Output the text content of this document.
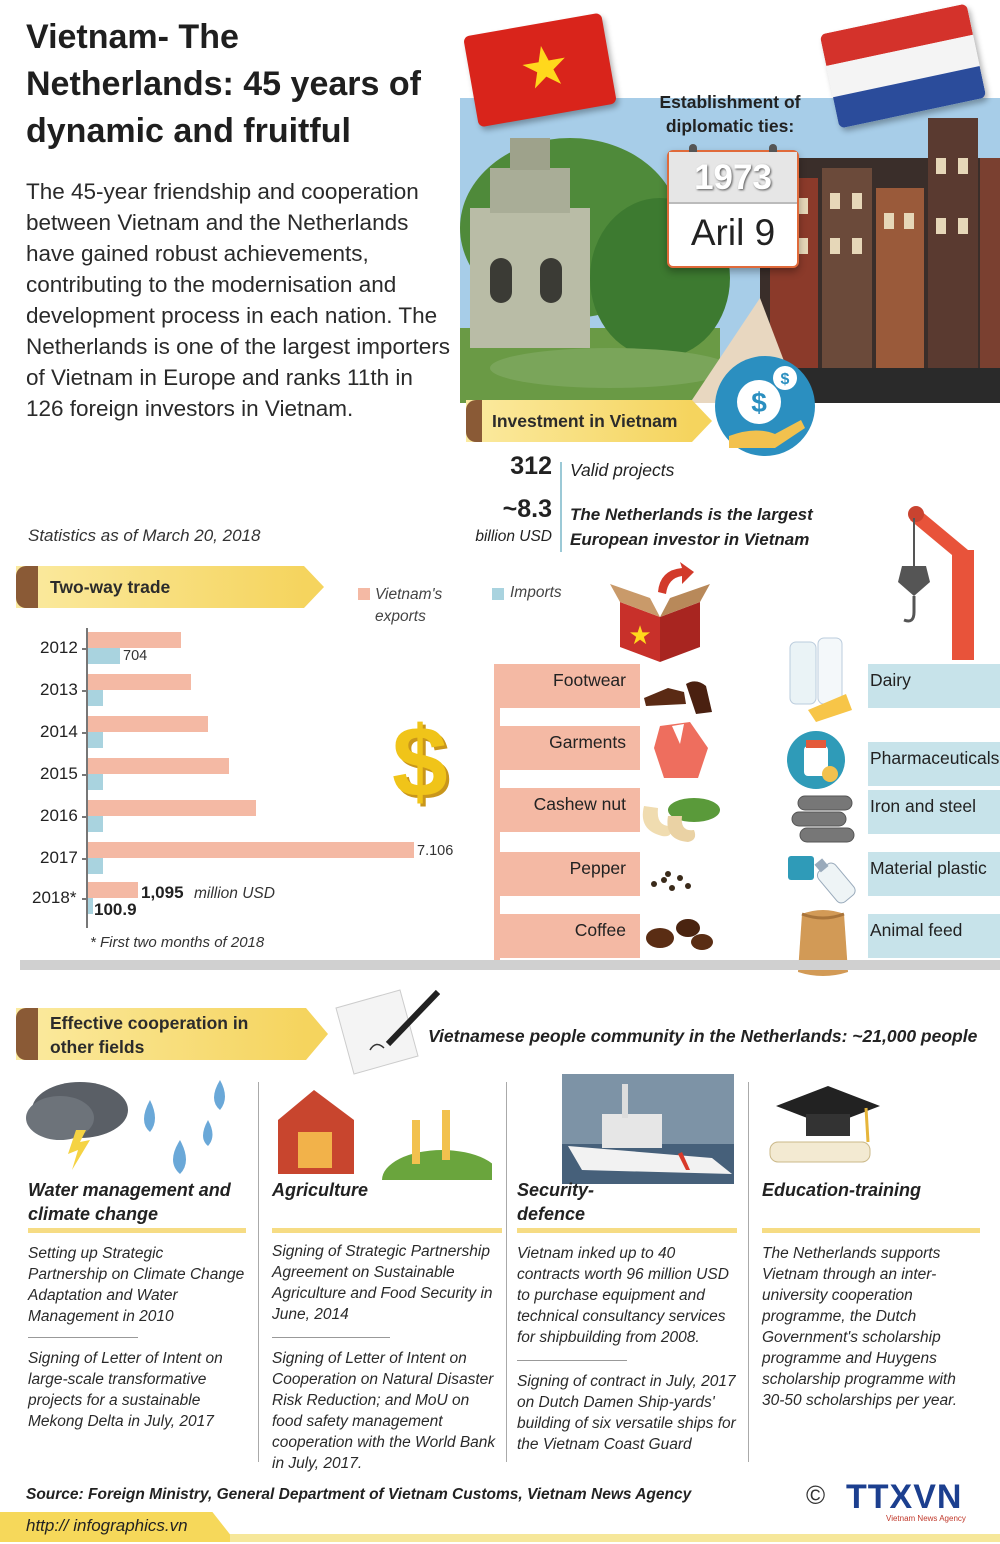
Vietnam- The Netherlands: 45 years of dynamic and fruitful
The 45-year friendship and cooperation between Vietnam and the Netherlands have gained robust achievements, contributing to the modernisation and development process in each nation. The Netherlands is one of the largest importers of Vietnam in Europe and ranks 11th in 126 foreign investors in Vietnam.
★	Establishment of diplomatic ties:
1973
Aril 9
Investment in Vietnam
$
$
312 Valid projects
~8.3
billion USD
The Netherlands is the largest European investor in Vietnam
Statistics as of March 20, 2018
Two-way trade	Vietnam's exports
Imports
2012
2013
2014
2015
2016
2017
2018*
704
7.106
1,095 million USD
100.9
* First two months of 2018
$
★
Footwear
Garments
Cashew nut
Pepper
Coffee
Dairy
Pharmaceuticals
Iron and steel
Material plastic
Animal feed
Effective cooperation in other fields
Vietnamese people community in the Netherlands: ~21,000 people
Water management and climate change
Setting up Strategic Partnership on Climate Change Adaptation and Water Management in 2010
Signing of Letter of Intent on large-scale transformative projects for a sustainable Mekong Delta in July, 2017
Agriculture
Signing of Strategic Partnership Agreement on Sustainable Agriculture and Food Security in June, 2014
Signing of Letter of Intent on Cooperation on Natural Disaster Risk Reduction; and MoU on food safety management cooperation with the World Bank in July, 2017.
Security-defence
Vietnam inked up to 40 contracts worth 96 million USD to purchase equipment and technical consultancy services for shipbuilding from 2008.
Signing of contract in July, 2017 on Dutch Damen Ship-yards' building of six versatile ships for the Vietnam Coast Guard
Education-training
The Netherlands supports Vietnam through an inter-university cooperation programme, the Dutch Government's scholarship programme and Huygens scholarship programme with 30-50 scholarships per year.
Source: Foreign Ministry, General Department of Vietnam Customs, Vietnam News Agency
http:// infographics.vn
© TTXVN
Vietnam News Agency
